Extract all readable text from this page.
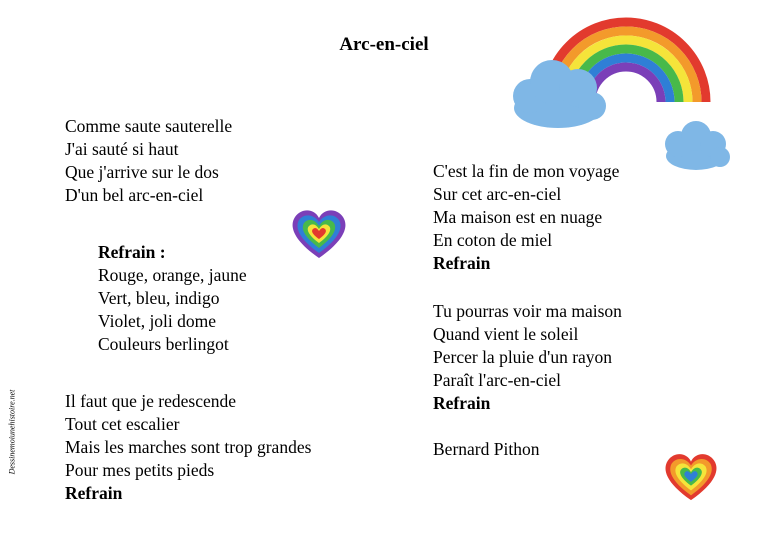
Arc-en-ciel
Comme saute sauterelle
J'ai sauté si haut
Que j'arrive sur le dos
D'un bel arc-en-ciel
Refrain :
Rouge, orange, jaune
Vert, bleu, indigo
Violet, joli dome
Couleurs berlingot
Il faut que je redescende
Tout cet escalier
Mais les marches sont trop grandes
Pour mes petits pieds
Refrain
C'est la fin de mon voyage
Sur cet arc-en-ciel
Ma maison est en nuage
En coton de miel
Refrain
Tu pourras voir ma maison
Quand vient le soleil
Percer la pluie d'un rayon
Paraît l'arc-en-ciel
Refrain
Bernard Pithon
Dessinemoiunehistoire.net
